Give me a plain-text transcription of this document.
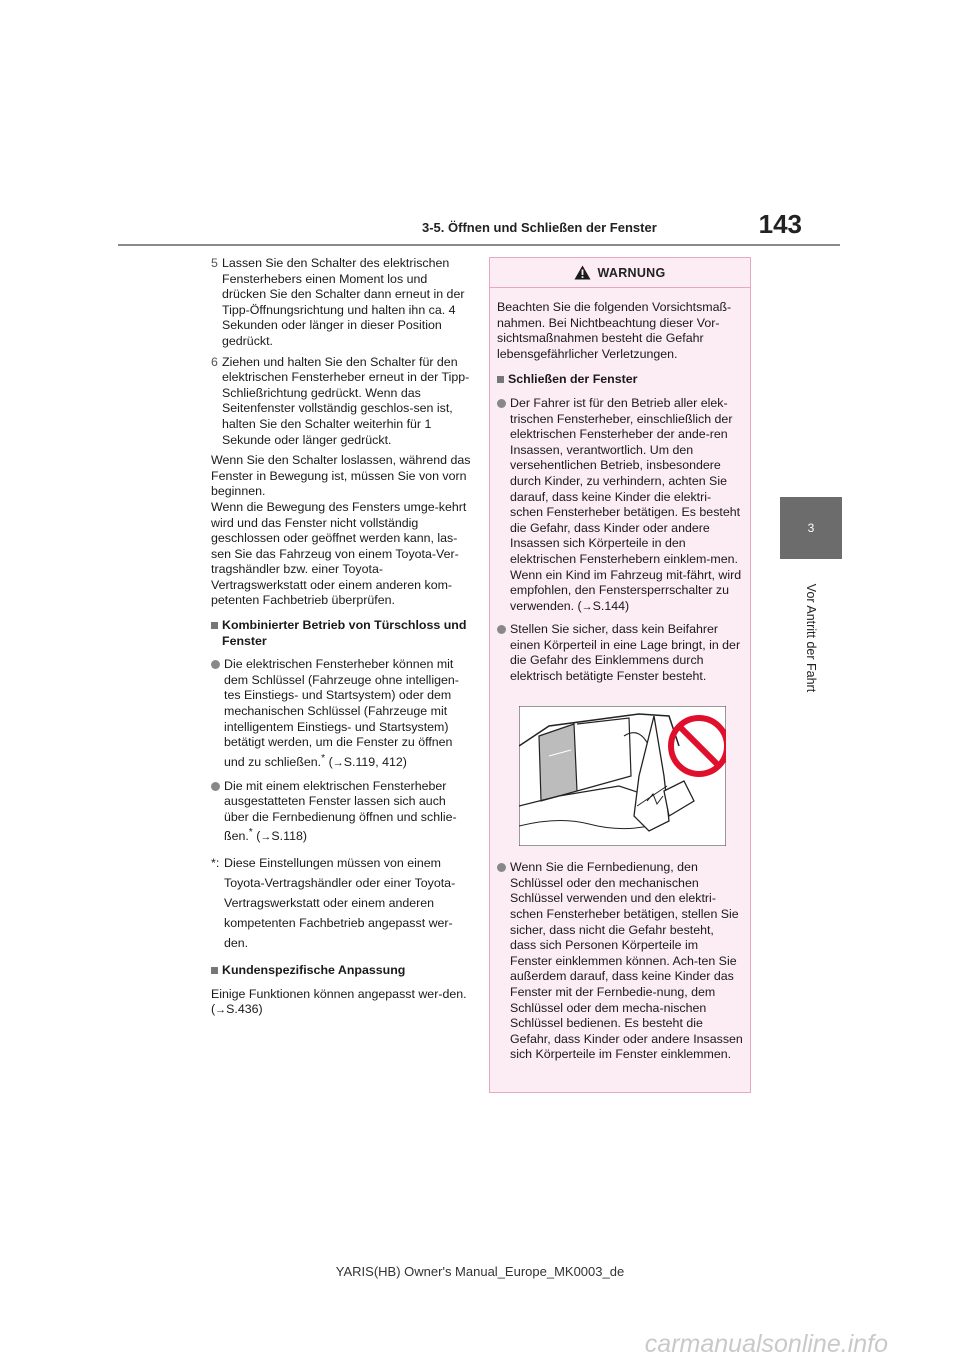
3-5. Öffnen und Schließen der Fenster	143
3
Vor Antritt der Fahrt
5 Lassen Sie den Schalter des elektrischen Fensterhebers einen Moment los und drücken Sie den Schalter dann erneut in der Tipp-Öffnungsrichtung und halten ihn ca. 4 Sekunden oder länger in dieser Position gedrückt.
6 Ziehen und halten Sie den Schalter für den elektrischen Fensterheber erneut in der Tipp-Schließrichtung gedrückt. Wenn das Seitenfenster vollständig geschlos-sen ist, halten Sie den Schalter weiterhin für 1 Sekunde oder länger gedrückt.
Wenn Sie den Schalter loslassen, während das Fenster in Bewegung ist, müssen Sie von vorn beginnen.
Wenn die Bewegung des Fensters umge-kehrt wird und das Fenster nicht vollständig geschlossen oder geöffnet werden kann, las-sen Sie das Fahrzeug von einem Toyota-Ver-tragshändler bzw. einer Toyota-Vertragswerkstatt oder einem anderen kom-petenten Fachbetrieb überprüfen.
Kombinierter Betrieb von Türschloss und Fenster
Die elektrischen Fensterheber können mit dem Schlüssel (Fahrzeuge ohne intelligen-tes Einstiegs- und Startsystem) oder dem mechanischen Schlüssel (Fahrzeuge mit intelligentem Einstiegs- und Startsystem) betätigt werden, um die Fenster zu öffnen und zu schließen.* (→S.119, 412)
Die mit einem elektrischen Fensterheber ausgestatteten Fenster lassen sich auch über die Fernbedienung öffnen und schlie-ßen.* (→S.118)
*: Diese Einstellungen müssen von einem Toyota-Vertragshändler oder einer Toyota-Vertragswerkstatt oder einem anderen kompetenten Fachbetrieb angepasst wer-den.
Kundenspezifische Anpassung
Einige Funktionen können angepasst wer-den. (→S.436)
WARNUNG
Beachten Sie die folgenden Vorsichtsmaß-nahmen. Bei Nichtbeachtung dieser Vor-sichtsmaßnahmen besteht die Gefahr lebensgefährlicher Verletzungen.
Schließen der Fenster
Der Fahrer ist für den Betrieb aller elek-trischen Fensterheber, einschließlich der elektrischen Fensterheber der ande-ren Insassen, verantwortlich. Um den versehentlichen Betrieb, insbesondere durch Kinder, zu verhindern, achten Sie darauf, dass keine Kinder die elektri-schen Fensterheber betätigen. Es besteht die Gefahr, dass Kinder oder andere Insassen sich Körperteile in den elektrischen Fensterhebern einklem-men. Wenn ein Kind im Fahrzeug mit-fährt, wird empfohlen, den Fenstersperrschalter zu verwenden. (→S.144)
Stellen Sie sicher, dass kein Beifahrer einen Körperteil in eine Lage bringt, in der die Gefahr des Einklemmens durch elektrisch betätigte Fenster besteht.
Wenn Sie die Fernbedienung, den Schlüssel oder den mechanischen Schlüssel verwenden und den elektri-schen Fensterheber betätigen, stellen Sie sicher, dass nicht die Gefahr besteht, dass sich Personen Körperteile im Fenster einklemmen können. Ach-ten Sie außerdem darauf, dass keine Kinder das Fenster mit der Fernbedie-nung, dem Schlüssel oder dem mecha-nischen Schlüssel bedienen. Es besteht die Gefahr, dass Kinder oder andere Insassen sich Körperteile im Fenster einklemmen.
YARIS(HB) Owner's Manual_Europe_MK0003_de
carmanualsonline.info
